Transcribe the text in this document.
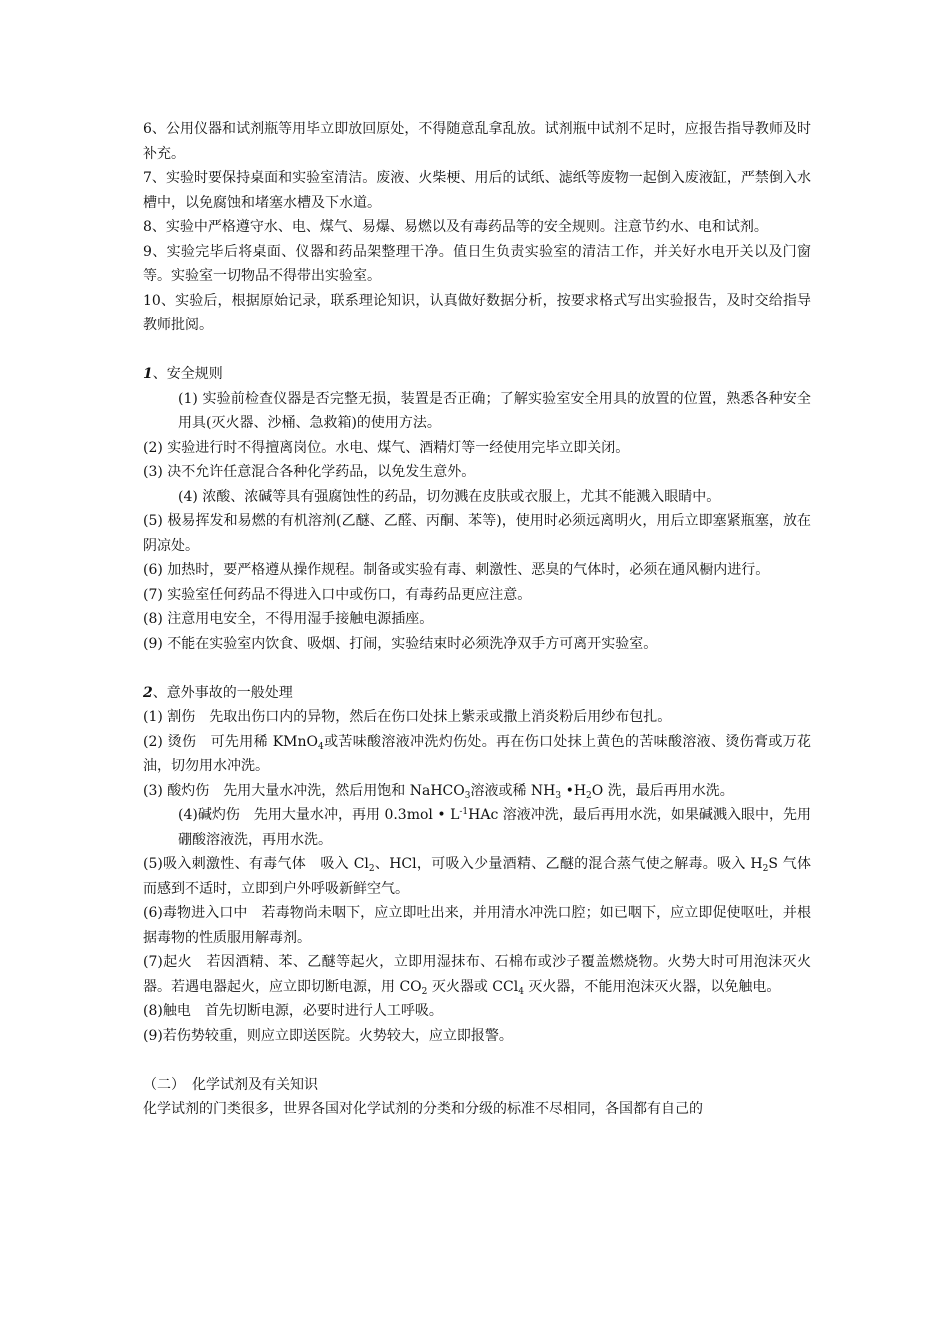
6、公用仪器和试剂瓶等用毕立即放回原处，不得随意乱拿乱放。试剂瓶中试剂不足时，应报告指导教师及时补充。

7、实验时要保持桌面和实验室清洁。废液、火柴梗、用后的试纸、滤纸等废物一起倒入废液缸，严禁倒入水槽中，以免腐蚀和堵塞水槽及下水道。

8、实验中严格遵守水、电、煤气、易爆、易燃以及有毒药品等的安全规则。注意节约水、电和试剂。

9、实验完毕后将桌面、仪器和药品架整理干净。值日生负责实验室的清洁工作，并关好水电开关以及门窗等。实验室一切物品不得带出实验室。

10、实验后，根据原始记录，联系理论知识，认真做好数据分析，按要求格式写出实验报告，及时交给指导教师批阅。

1、安全规则

(1) 实验前检查仪器是否完整无损，装置是否正确；了解实验室安全用具的放置的位置，熟悉各种安全用具(灭火器、沙桶、急救箱)的使用方法。

(2) 实验进行时不得擅离岗位。水电、煤气、酒精灯等一经使用完毕立即关闭。

(3) 决不允许任意混合各种化学药品，以免发生意外。

(4) 浓酸、浓碱等具有强腐蚀性的药品，切勿溅在皮肤或衣服上，尤其不能溅入眼睛中。

(5) 极易挥发和易燃的有机溶剂(乙醚、乙醛、丙酮、苯等)，使用时必须远离明火，用后立即塞紧瓶塞，放在阴凉处。

(6) 加热时，要严格遵从操作规程。制备或实验有毒、刺激性、恶臭的气体时，必须在通风橱内进行。

(7) 实验室任何药品不得进入口中或伤口，有毒药品更应注意。

(8) 注意用电安全，不得用湿手接触电源插座。

(9) 不能在实验室内饮食、吸烟、打闹，实验结束时必须洗净双手方可离开实验室。

2、意外事故的一般处理

(1) 割伤　先取出伤口内的异物，然后在伤口处抹上紫汞或撒上消炎粉后用纱布包扎。

(2) 烫伤　可先用稀 KMnO$_4$或苦味酸溶液冲洗灼伤处。再在伤口处抹上黄色的苦味酸溶液、烫伤膏或万花油，切勿用水冲洗。

(3) 酸灼伤　先用大量水冲洗，然后用饱和 NaHCO$_3$溶液或稀 $NH_3$ $•H_2O$ 洗，最后再用水洗。

(4)碱灼伤　先用大量水冲，再用 0.3mol • $L^{-1}HAc$ 溶液冲洗，最后再用水洗，如果碱溅入眼中，先用硼酸溶液洗，再用水洗。

(5)吸入刺激性、有毒气体　吸入 $Cl_2$、HCl，可吸入少量酒精、乙醚的混合蒸气使之解毒。吸入 $H_2S$ 气体而感到不适时，立即到户外呼吸新鲜空气。

(6)毒物进入口中　若毒物尚未咽下，应立即吐出来，并用清水冲洗口腔；如已咽下，应立即促使呕吐，并根据毒物的性质服用解毒剂。

(7)起火　若因酒精、苯、乙醚等起火，立即用湿抹布、石棉布或沙子覆盖燃烧物。火势大时可用泡沫灭火器。若遇电器起火，应立即切断电源，用 $CO_2$ 灭火器或 CCl$_4$ 灭火器，不能用泡沫灭火器，以免触电。

(8)触电　首先切断电源，必要时进行人工呼吸。

(9)若伤势较重，则应立即送医院。火势较大，应立即报警。

（二）　化学试剂及有关知识

化学试剂的门类很多，世界各国对化学试剂的分类和分级的标准不尽相同，各国都有自己的
